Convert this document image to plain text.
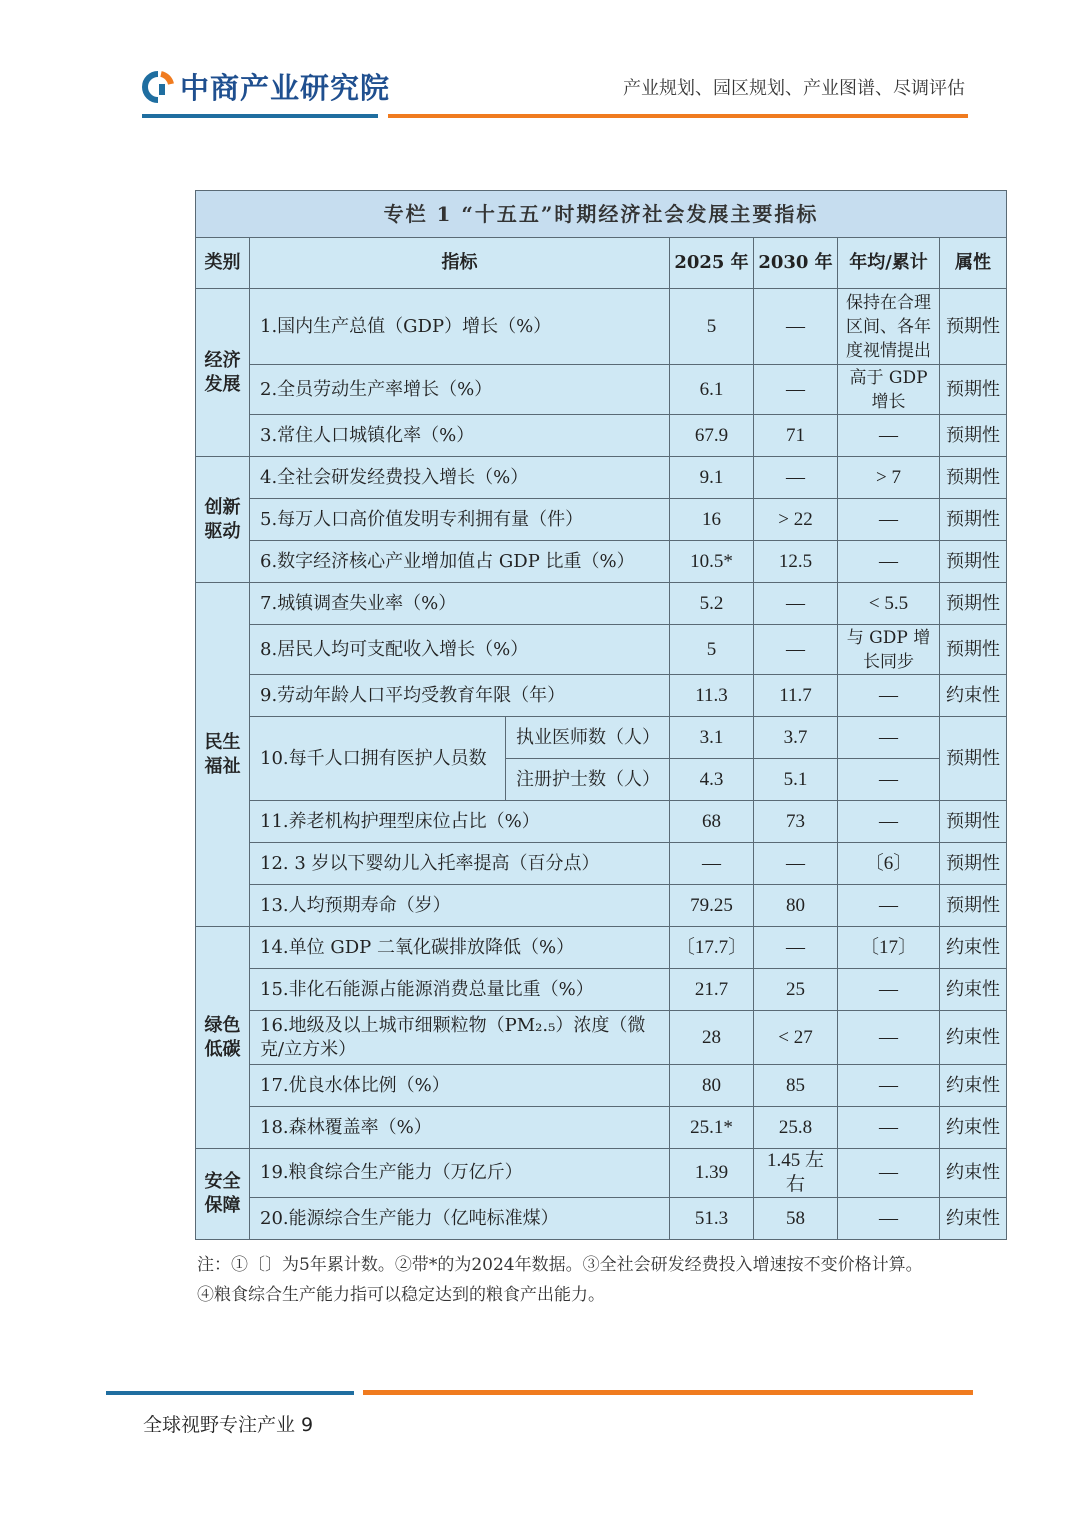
中商产业研究院	产业规划、园区规划、产业图谱、尽调评估
专栏 1 “十五五”时期经济社会发展主要指标						
类别	指标		2025 年	2030 年	年均/累计	属性
经济发展	1.国内生产总值（GDP）增长（%）		5	—	保持在合理区间、各年度视情提出	预期性
	2.全员劳动生产率增长（%）		6.1	—	高于 GDP 增长	预期性
	3.常住人口城镇化率（%）		67.9	71	—	预期性
创新驱动	4.全社会研发经费投入增长（%）		9.1	—	> 7	预期性
	5.每万人口高价值发明专利拥有量（件）		16	> 22	—	预期性
	6.数字经济核心产业增加值占 GDP 比重（%）		10.5*	12.5	—	预期性
民生福祉	7.城镇调查失业率（%）		5.2	—	< 5.5	预期性
	8.居民人均可支配收入增长（%）		5	—	与 GDP 增长同步	预期性
	9.劳动年龄人口平均受教育年限（年）		11.3	11.7	—	约束性
	10.每千人口拥有医护人员数	执业医师数（人）	3.1	3.7	—	预期性
		注册护士数（人）	4.3	5.1	—	
	11.养老机构护理型床位占比（%）		68	73	—	预期性
	12. 3 岁以下婴幼儿入托率提高（百分点）		—	—	〔6〕	预期性
	13.人均预期寿命（岁）		79.25	80	—	预期性
绿色低碳	14.单位 GDP 二氧化碳排放降低（%）		〔17.7〕	—	〔17〕	约束性
	15.非化石能源占能源消费总量比重（%）		21.7	25	—	约束性
	16.地级及以上城市细颗粒物（PM₂.₅）浓度（微克/立方米）		28	< 27	—	约束性
	17.优良水体比例（%）		80	85	—	约束性
	18.森林覆盖率（%）		25.1*	25.8	—	约束性
安全保障	19.粮食综合生产能力（万亿斤）		1.39	1.45 左右	—	约束性
	20.能源综合生产能力（亿吨标准煤）		51.3	58	—	约束性
注：①〔〕为5年累计数。②带*的为2024年数据。③全社会研发经费投入增速按不变价格计算。
④粮食综合生产能力指可以稳定达到的粮食产出能力。
全球视野专注产业 9
